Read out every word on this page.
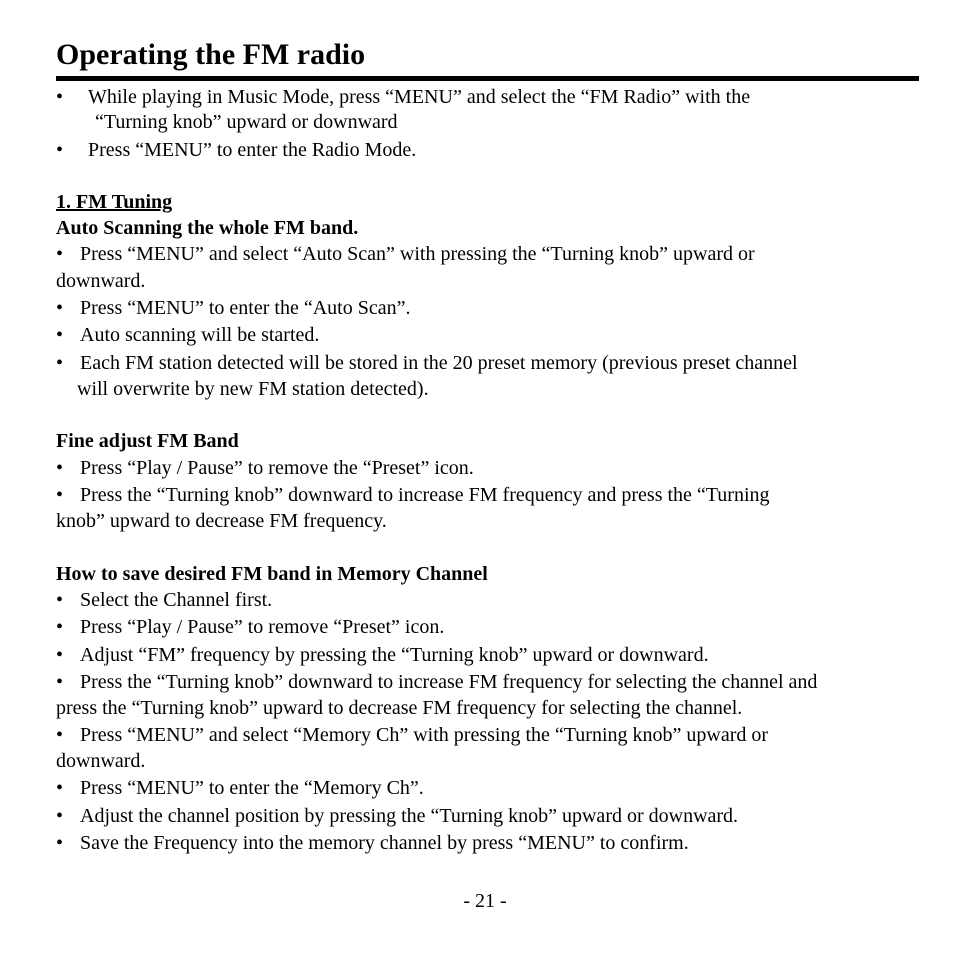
Operating the FM radio
• While playing in Music Mode, press “MENU” and select the “FM Radio” with the
“Turning knob” upward or downward
• Press “MENU” to enter the Radio Mode.
1. FM Tuning
Auto Scanning the whole FM band.
• Press “MENU” and select “Auto Scan” with pressing the “Turning knob” upward or
downward.
• Press “MENU” to enter the “Auto Scan”.
• Auto scanning will be started.
• Each FM station detected will be stored in the 20 preset memory (previous preset channel
will overwrite by new FM station detected).
Fine adjust FM Band
• Press “Play / Pause” to remove the “Preset” icon.
• Press the “Turning knob” downward to increase FM frequency and press the “Turning
knob” upward to decrease FM frequency.
How to save desired FM band in Memory Channel
• Select the Channel first.
• Press “Play / Pause” to remove “Preset” icon.
• Adjust “FM” frequency by pressing the “Turning knob” upward or downward.
• Press the “Turning knob” downward to increase FM frequency for selecting the channel and
press the “Turning knob” upward to decrease FM frequency for selecting the channel.
• Press “MENU” and select “Memory Ch” with pressing the “Turning knob” upward or
downward.
• Press “MENU” to enter the “Memory Ch”.
• Adjust the channel position by pressing the “Turning knob” upward or downward.
• Save the Frequency into the memory channel by press “MENU” to confirm.
- 21 -
